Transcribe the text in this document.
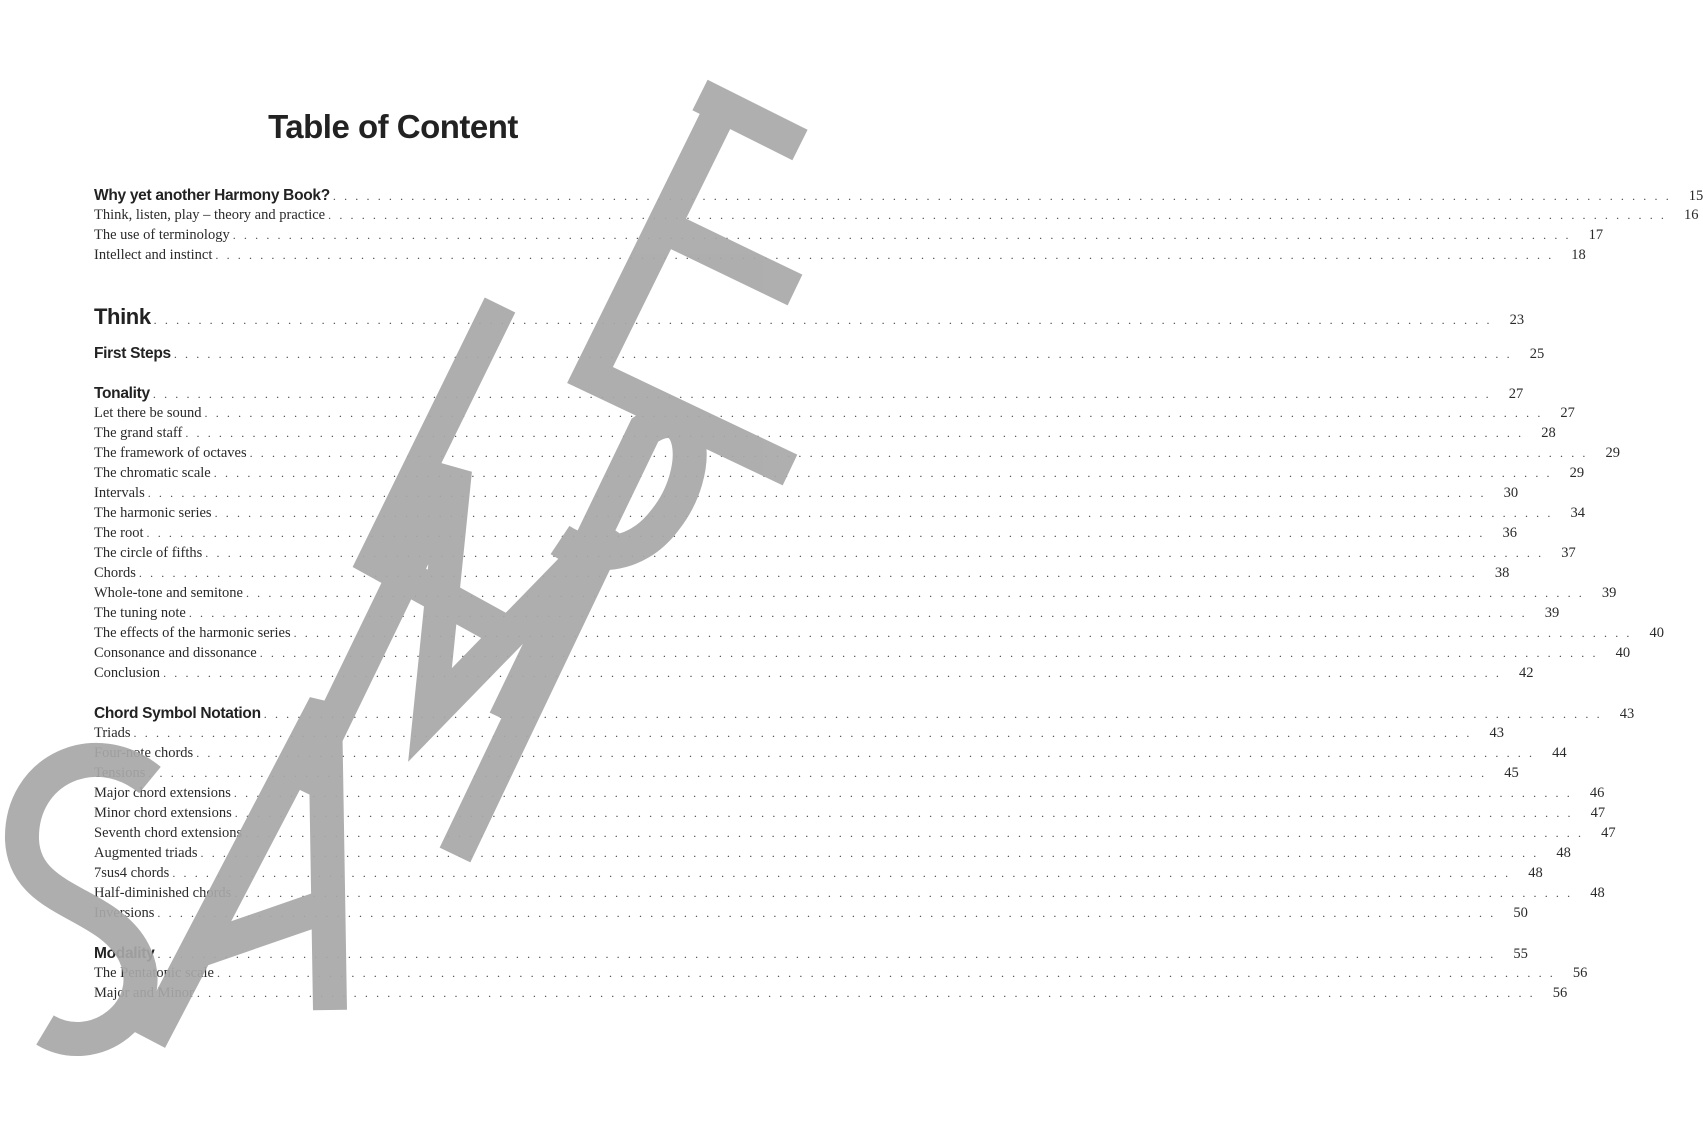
Table of Content
Why yet another Harmony Book? . . . . . . . . . . . . . . . . . . . . . . . . . . . . . . . . . . . . . . . . . . . . . . . . . . . . . . . . . . . . . . . . . . . . . . . . . . . . . . . . . . . . . . . . . . . . . . . . . . . . . . . . . . . . . . . . . . . . . . . .	15
Think, listen, play – theory and practice . . . . . . . . . . . . . . . . . . . . . . . . . . . . . . . . . . . . . . . . . . . . . . . . . . . . . . . . . . . . . . . . . . . . . . . . . . . . . . . . . . . . . . . . . . . . . . . . . . . . . . . . . . . . . . . . . . . . . . . .	16
The use of terminology . . . . . . . . . . . . . . . . . . . . . . . . . . . . . . . . . . . . . . . . . . . . . . . . . . . . . . . . . . . . . . . . . . . . . . . . . . . . . . . . . . . . . . . . . . . . . . . . . . . . . . . . . . . . . . . . . . . . . . . .	17
Intellect and instinct . . . . . . . . . . . . . . . . . . . . . . . . . . . . . . . . . . . . . . . . . . . . . . . . . . . . . . . . . . . . . . . . . . . . . . . . . . . . . . . . . . . . . . . . . . . . . . . . . . . . . . . . . . . . . . . . . . . . . . . .	18
Think . . . . . . . . . . . . . . . . . . . . . . . . . . . . . . . . . . . . . . . . . . . . . . . . . . . . . . . . . . . . . . . . . . . . . . . . . . . . . . . . . . . . . . . . . . . . . . . . . . . . . . . . . . . . . . . . . . . . . . . .	23
First Steps . . . . . . . . . . . . . . . . . . . . . . . . . . . . . . . . . . . . . . . . . . . . . . . . . . . . . . . . . . . . . . . . . . . . . . . . . . . . . . . . . . . . . . . . . . . . . . . . . . . . . . . . . . . . . . . . . . . . . . . .	25
Tonality . . . . . . . . . . . . . . . . . . . . . . . . . . . . . . . . . . . . . . . . . . . . . . . . . . . . . . . . . . . . . . . . . . . . . . . . . . . . . . . . . . . . . . . . . . . . . . . . . . . . . . . . . . . . . . . . . . . . . . . .	27
Let there be sound . . . . . . . . . . . . . . . . . . . . . . . . . . . . . . . . . . . . . . . . . . . . . . . . . . . . . . . . . . . . . . . . . . . . . . . . . . . . . . . . . . . . . . . . . . . . . . . . . . . . . . . . . . . . . . . . . . . . . . . .	27
The grand staff . . . . . . . . . . . . . . . . . . . . . . . . . . . . . . . . . . . . . . . . . . . . . . . . . . . . . . . . . . . . . . . . . . . . . . . . . . . . . . . . . . . . . . . . . . . . . . . . . . . . . . . . . . . . . . . . . . . . . . . .	28
The framework of octaves . . . . . . . . . . . . . . . . . . . . . . . . . . . . . . . . . . . . . . . . . . . . . . . . . . . . . . . . . . . . . . . . . . . . . . . . . . . . . . . . . . . . . . . . . . . . . . . . . . . . . . . . . . . . . . . . . . . . . . . .	29
The chromatic scale . . . . . . . . . . . . . . . . . . . . . . . . . . . . . . . . . . . . . . . . . . . . . . . . . . . . . . . . . . . . . . . . . . . . . . . . . . . . . . . . . . . . . . . . . . . . . . . . . . . . . . . . . . . . . . . . . . . . . . . .	29
Intervals . . . . . . . . . . . . . . . . . . . . . . . . . . . . . . . . . . . . . . . . . . . . . . . . . . . . . . . . . . . . . . . . . . . . . . . . . . . . . . . . . . . . . . . . . . . . . . . . . . . . . . . . . . . . . . . . . . . . . . . .	30
The harmonic series . . . . . . . . . . . . . . . . . . . . . . . . . . . . . . . . . . . . . . . . . . . . . . . . . . . . . . . . . . . . . . . . . . . . . . . . . . . . . . . . . . . . . . . . . . . . . . . . . . . . . . . . . . . . . . . . . . . . . . . .	34
The root . . . . . . . . . . . . . . . . . . . . . . . . . . . . . . . . . . . . . . . . . . . . . . . . . . . . . . . . . . . . . . . . . . . . . . . . . . . . . . . . . . . . . . . . . . . . . . . . . . . . . . . . . . . . . . . . . . . . . . . .	36
The circle of fifths . . . . . . . . . . . . . . . . . . . . . . . . . . . . . . . . . . . . . . . . . . . . . . . . . . . . . . . . . . . . . . . . . . . . . . . . . . . . . . . . . . . . . . . . . . . . . . . . . . . . . . . . . . . . . . . . . . . . . . . .	37
Chords . . . . . . . . . . . . . . . . . . . . . . . . . . . . . . . . . . . . . . . . . . . . . . . . . . . . . . . . . . . . . . . . . . . . . . . . . . . . . . . . . . . . . . . . . . . . . . . . . . . . . . . . . . . . . . . . . . . . . . . .	38
Whole-tone and semitone . . . . . . . . . . . . . . . . . . . . . . . . . . . . . . . . . . . . . . . . . . . . . . . . . . . . . . . . . . . . . . . . . . . . . . . . . . . . . . . . . . . . . . . . . . . . . . . . . . . . . . . . . . . . . . . . . . . . . . . .	39
The tuning note . . . . . . . . . . . . . . . . . . . . . . . . . . . . . . . . . . . . . . . . . . . . . . . . . . . . . . . . . . . . . . . . . . . . . . . . . . . . . . . . . . . . . . . . . . . . . . . . . . . . . . . . . . . . . . . . . . . . . . . .	39
The effects of the harmonic series . . . . . . . . . . . . . . . . . . . . . . . . . . . . . . . . . . . . . . . . . . . . . . . . . . . . . . . . . . . . . . . . . . . . . . . . . . . . . . . . . . . . . . . . . . . . . . . . . . . . . . . . . . . . . . . . . . . . . . . .	40
Consonance and dissonance . . . . . . . . . . . . . . . . . . . . . . . . . . . . . . . . . . . . . . . . . . . . . . . . . . . . . . . . . . . . . . . . . . . . . . . . . . . . . . . . . . . . . . . . . . . . . . . . . . . . . . . . . . . . . . . . . . . . . . . .	40
Conclusion . . . . . . . . . . . . . . . . . . . . . . . . . . . . . . . . . . . . . . . . . . . . . . . . . . . . . . . . . . . . . . . . . . . . . . . . . . . . . . . . . . . . . . . . . . . . . . . . . . . . . . . . . . . . . . . . . . . . . . . .	42
Chord Symbol Notation . . . . . . . . . . . . . . . . . . . . . . . . . . . . . . . . . . . . . . . . . . . . . . . . . . . . . . . . . . . . . . . . . . . . . . . . . . . . . . . . . . . . . . . . . . . . . . . . . . . . . . . . . . . . . . . . . . . . . . . .	43
Triads . . . . . . . . . . . . . . . . . . . . . . . . . . . . . . . . . . . . . . . . . . . . . . . . . . . . . . . . . . . . . . . . . . . . . . . . . . . . . . . . . . . . . . . . . . . . . . . . . . . . . . . . . . . . . . . . . . . . . . . .	43
Four-note chords . . . . . . . . . . . . . . . . . . . . . . . . . . . . . . . . . . . . . . . . . . . . . . . . . . . . . . . . . . . . . . . . . . . . . . . . . . . . . . . . . . . . . . . . . . . . . . . . . . . . . . . . . . . . . . . . . . . . . . . .	44
Tensions . . . . . . . . . . . . . . . . . . . . . . . . . . . . . . . . . . . . . . . . . . . . . . . . . . . . . . . . . . . . . . . . . . . . . . . . . . . . . . . . . . . . . . . . . . . . . . . . . . . . . . . . . . . . . . . . . . . . . . . .	45
Major chord extensions . . . . . . . . . . . . . . . . . . . . . . . . . . . . . . . . . . . . . . . . . . . . . . . . . . . . . . . . . . . . . . . . . . . . . . . . . . . . . . . . . . . . . . . . . . . . . . . . . . . . . . . . . . . . . . . . . . . . . . . .	46
Minor chord extensions . . . . . . . . . . . . . . . . . . . . . . . . . . . . . . . . . . . . . . . . . . . . . . . . . . . . . . . . . . . . . . . . . . . . . . . . . . . . . . . . . . . . . . . . . . . . . . . . . . . . . . . . . . . . . . . . . . . . . . . .	47
Seventh chord extensions . . . . . . . . . . . . . . . . . . . . . . . . . . . . . . . . . . . . . . . . . . . . . . . . . . . . . . . . . . . . . . . . . . . . . . . . . . . . . . . . . . . . . . . . . . . . . . . . . . . . . . . . . . . . . . . . . . . . . . . .	47
Augmented triads . . . . . . . . . . . . . . . . . . . . . . . . . . . . . . . . . . . . . . . . . . . . . . . . . . . . . . . . . . . . . . . . . . . . . . . . . . . . . . . . . . . . . . . . . . . . . . . . . . . . . . . . . . . . . . . . . . . . . . . .	48
7sus4 chords . . . . . . . . . . . . . . . . . . . . . . . . . . . . . . . . . . . . . . . . . . . . . . . . . . . . . . . . . . . . . . . . . . . . . . . . . . . . . . . . . . . . . . . . . . . . . . . . . . . . . . . . . . . . . . . . . . . . . . . .	48
Half-diminished chords . . . . . . . . . . . . . . . . . . . . . . . . . . . . . . . . . . . . . . . . . . . . . . . . . . . . . . . . . . . . . . . . . . . . . . . . . . . . . . . . . . . . . . . . . . . . . . . . . . . . . . . . . . . . . . . . . . . . . . . .	48
Inversions . . . . . . . . . . . . . . . . . . . . . . . . . . . . . . . . . . . . . . . . . . . . . . . . . . . . . . . . . . . . . . . . . . . . . . . . . . . . . . . . . . . . . . . . . . . . . . . . . . . . . . . . . . . . . . . . . . . . . . . .	50
Modality . . . . . . . . . . . . . . . . . . . . . . . . . . . . . . . . . . . . . . . . . . . . . . . . . . . . . . . . . . . . . . . . . . . . . . . . . . . . . . . . . . . . . . . . . . . . . . . . . . . . . . . . . . . . . . . . . . . . . . . .	55
The Pentatonic scale . . . . . . . . . . . . . . . . . . . . . . . . . . . . . . . . . . . . . . . . . . . . . . . . . . . . . . . . . . . . . . . . . . . . . . . . . . . . . . . . . . . . . . . . . . . . . . . . . . . . . . . . . . . . . . . . . . . . . . . .	56
Major and Minor . . . . . . . . . . . . . . . . . . . . . . . . . . . . . . . . . . . . . . . . . . . . . . . . . . . . . . . . . . . . . . . . . . . . . . . . . . . . . . . . . . . . . . . . . . . . . . . . . . . . . . . . . . . . . . . . . . . . . . . .	56
